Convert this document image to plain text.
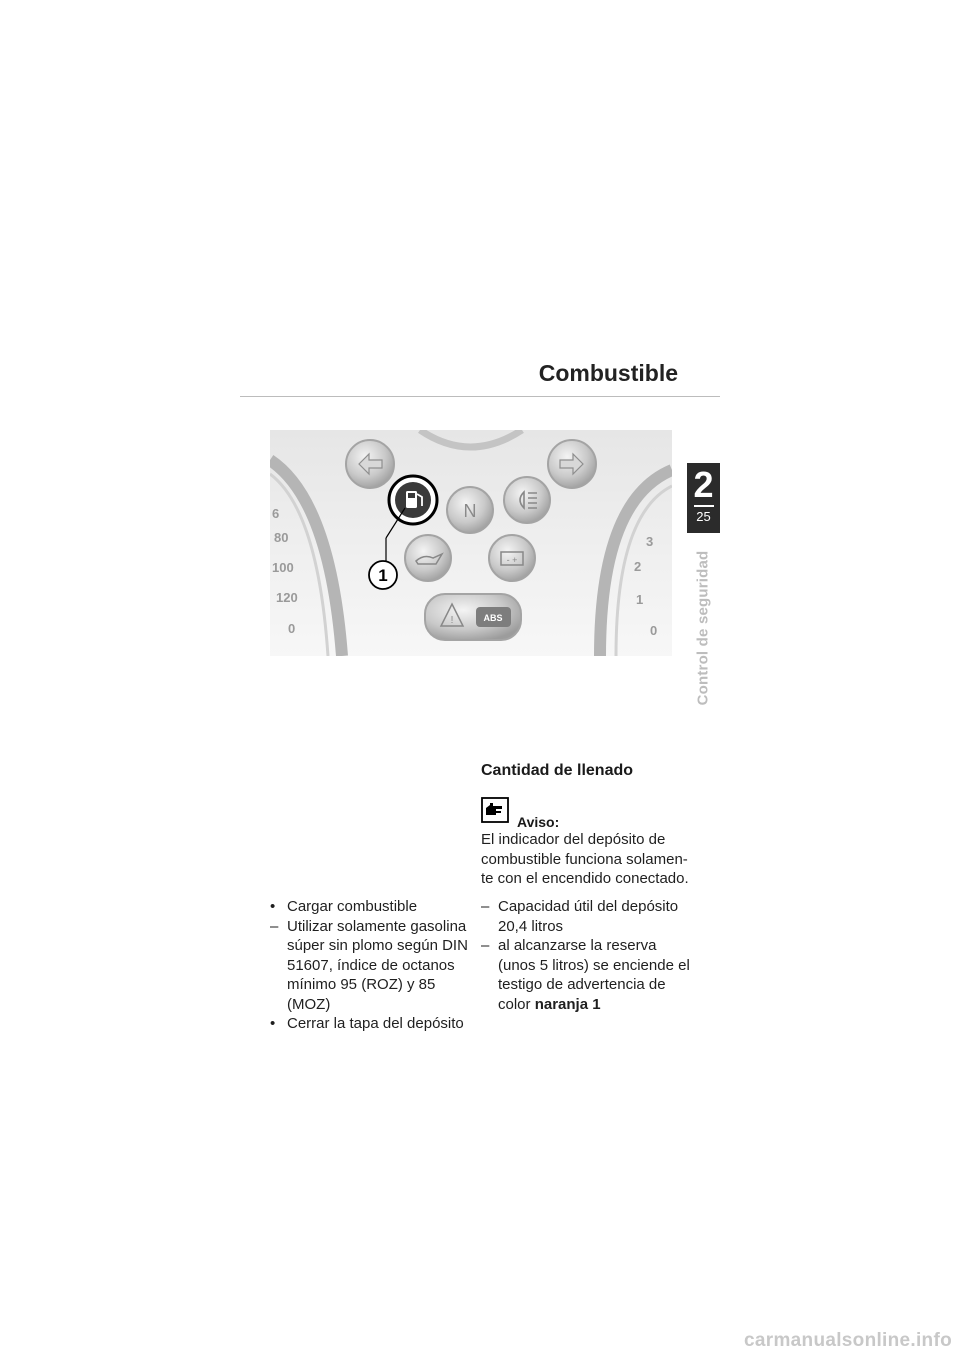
Combustible
2
25
Control de seguridad
6
80
100
120
0
3
2
1
0
N
- +
!	ABS
1
Cantidad de llenado
Aviso:
El indicador del depósito de combustible funciona solamen-te con el encendido conectado.

• Cargar combustible

– Utilizar solamente gasolina súper sin plomo según DIN 51607, índice de octanos mínimo 95 (ROZ) y 85 (MOZ)

• Cerrar la tapa del depósito

– Capacidad útil del depósito 20,4 litros

– al alcanzarse la reserva (unos 5 litros) se enciende el testigo de advertencia de color naranja 1

carmanualsonline.info
